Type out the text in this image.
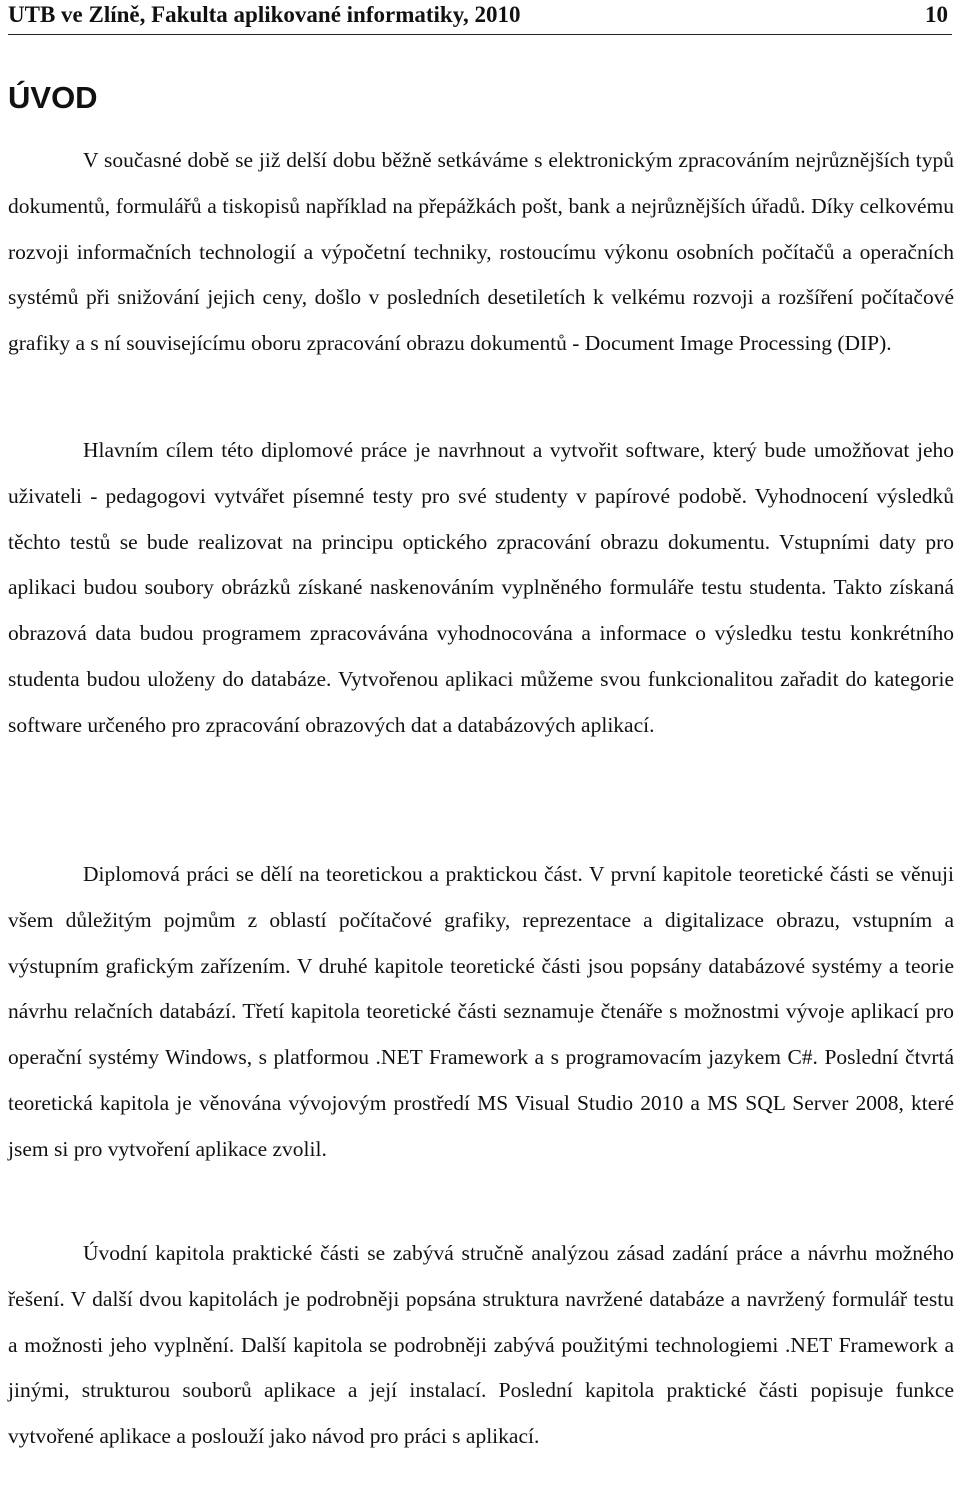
UTB ve Zlíně, Fakulta aplikované informatiky, 2010	10
ÚVOD

V současné době se již delší dobu běžně setkáváme s elektronickým zpracováním nejrůznějších typů dokumentů, formulářů a tiskopisů například na přepážkách pošt, bank a nejrůznějších úřadů. Díky celkovému rozvoji informačních technologií a výpočetní techniky, rostoucímu výkonu osobních počítačů a operačních systémů při snižování jejich ceny, došlo v posledních desetiletích k velkému rozvoji a rozšíření počítačové grafiky a s ní souvisejícímu oboru zpracování obrazu dokumentů - Document Image Processing (DIP).

Hlavním cílem této diplomové práce je navrhnout a vytvořit software, který bude umožňovat jeho uživateli - pedagogovi vytvářet písemné testy pro své studenty v papírové podobě. Vyhodnocení výsledků těchto testů se bude realizovat na principu optického zpracování obrazu dokumentu. Vstupními daty pro aplikaci budou soubory obrázků získané naskenováním vyplněného formuláře testu studenta. Takto získaná obrazová data budou programem zpracovávána vyhodnocována a informace o výsledku testu konkrétního studenta budou uloženy do databáze. Vytvořenou aplikaci můžeme svou funkcionalitou zařadit do kategorie software určeného pro zpracování obrazových dat a databázových aplikací.

Diplomová práci se dělí na teoretickou a praktickou část. V první kapitole teoretické části se věnuji všem důležitým pojmům z oblastí počítačové grafiky, reprezentace a digitalizace obrazu, vstupním a výstupním grafickým zařízením. V druhé kapitole teoretické části jsou popsány databázové systémy a teorie návrhu relačních databází. Třetí kapitola teoretické části seznamuje čtenáře s možnostmi vývoje aplikací pro operační systémy Windows, s platformou .NET Framework a s programovacím jazykem C#. Poslední čtvrtá teoretická kapitola je věnována vývojovým prostředí MS Visual Studio 2010 a MS SQL Server 2008, které jsem si pro vytvoření aplikace zvolil.

Úvodní kapitola praktické části se zabývá stručně analýzou zásad zadání práce a návrhu možného řešení. V další dvou kapitolách je podrobněji popsána struktura navržené databáze a navržený formulář testu a možnosti jeho vyplnění. Další kapitola se podrobněji zabývá použitými technologiemi .NET Framework a jinými, strukturou souborů aplikace a její instalací. Poslední kapitola praktické části popisuje funkce vytvořené aplikace a poslouží jako návod pro práci s aplikací.
